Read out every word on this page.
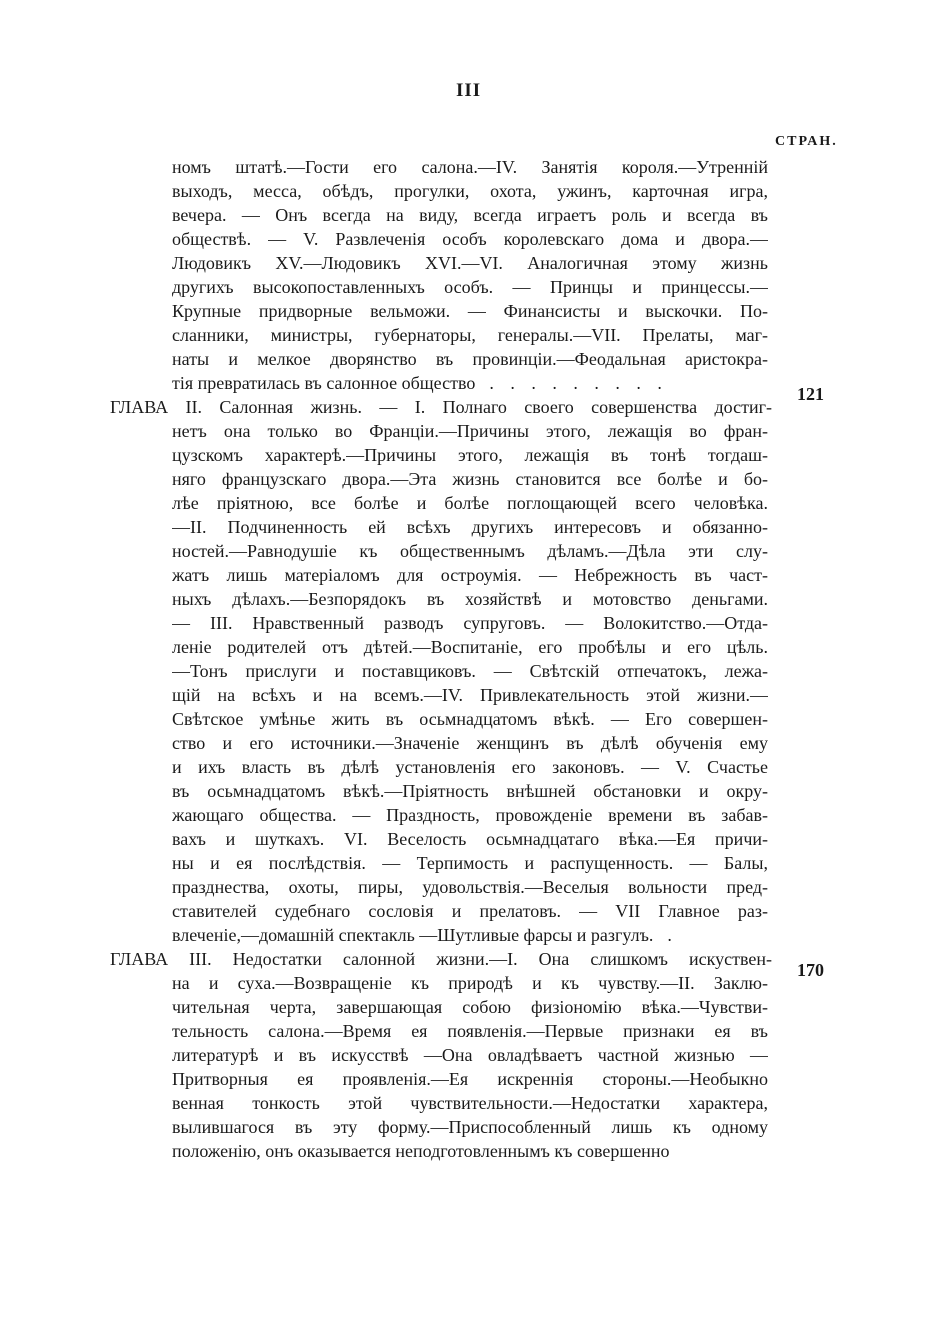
III
СТРАН.
номъ штатѣ.—Гости его салона.—IV. Занятія короля.—Утренній
выходъ, месса, обѣдъ, прогулки, охота, ужинъ, карточная игра,
вечера. — Онъ всегда на виду, всегда играетъ роль и всегда въ
обществѣ. — V. Развлеченія особъ королевскаго дома и двора.—
Людовикъ XV.—Людовикъ XVI.—VI. Аналогичная этому жизнь
другихъ высокопоставленныхъ особъ. — Принцы и принцессы.—
Крупные придворные вельможи. — Финансисты и выскочки. По-
сланники, министры, губернаторы, генералы.—VII. Прелаты, маг-
наты и мелкое дворянство въ провинціи.—Феодальная аристокра-
тія превратилась въ салонное общество . . . . . . . . .
ГЛАВА II. Салонная жизнь. — I. Полнаго своего совершенства достиг-
нетъ она только во Франціи.—Причины этого, лежащія во фран-
цузскомъ характерѣ.—Причины этого, лежащія въ тонѣ тогдаш-
няго французскаго двора.—Эта жизнь становится все болѣе и бо-
лѣе пріятною, все болѣе и болѣе поглощающей всего человѣка.
—II. Подчиненность ей всѣхъ другихъ интересовъ и обязанно-
ностей.—Равнодушіе къ общественнымъ дѣламъ.—Дѣла эти слу-
жатъ лишь матеріаломъ для остроумія. — Небрежность въ част-
ныхъ дѣлахъ.—Безпорядокъ въ хозяйствѣ и мотовство деньгами.
— III. Нравственный разводъ супруговъ. — Волокитство.—Отда-
леніе родителей отъ дѣтей.—Воспитаніе, его пробѣлы и его цѣль.
—Тонъ прислуги и поставщиковъ. — Свѣтскій отпечатокъ, лежа-
щій на всѣхъ и на всемъ.—IV. Привлекательность этой жизни.—
Свѣтское умѣнье жить въ осьмнадцатомъ вѣкѣ. — Его совершен-
ство и его источники.—Значеніе женщинъ въ дѣлѣ обученія ему
и ихъ власть въ дѣлѣ установленія его законовъ. — V. Счастье
въ осьмнадцатомъ вѣкѣ.—Пріятность внѣшней обстановки и окру-
жающаго общества. — Праздность, провожденіе времени въ забав-
вахъ и шуткахъ. VI. Веселость осьмнадцатаго вѣка.—Ея причи-
ны и ея послѣдствія. — Терпимость и распущенность. — Балы,
празднества, охоты, пиры, удовольствія.—Веселыя вольности пред-
ставителей судебнаго сословія и прелатовъ. — VII Главное раз-
влеченіе,—домашній спектакль —Шутливые фарсы и разгулъ. .
ГЛАВА III. Недостатки салонной жизни.—I. Она слишкомъ искуствен-
на и суха.—Возвращеніе къ природѣ и къ чувству.—II. Заклю-
чительная черта, завершающая собою физіономію вѣка.—Чувстви-
тельность салона.—Время ея появленія.—Первые признаки ея въ
литературѣ и въ искусствѣ —Она овладѣваетъ частной жизнью —
Притворныя ея проявленія.—Ея искреннія стороны.—Необыкно
венная тонкость этой чувствительности.—Недостатки характера,
вылившагося въ эту форму.—Приспособленный лишь къ одному
положенію, онъ оказывается неподготовленнымъ къ совершенно
121
170
